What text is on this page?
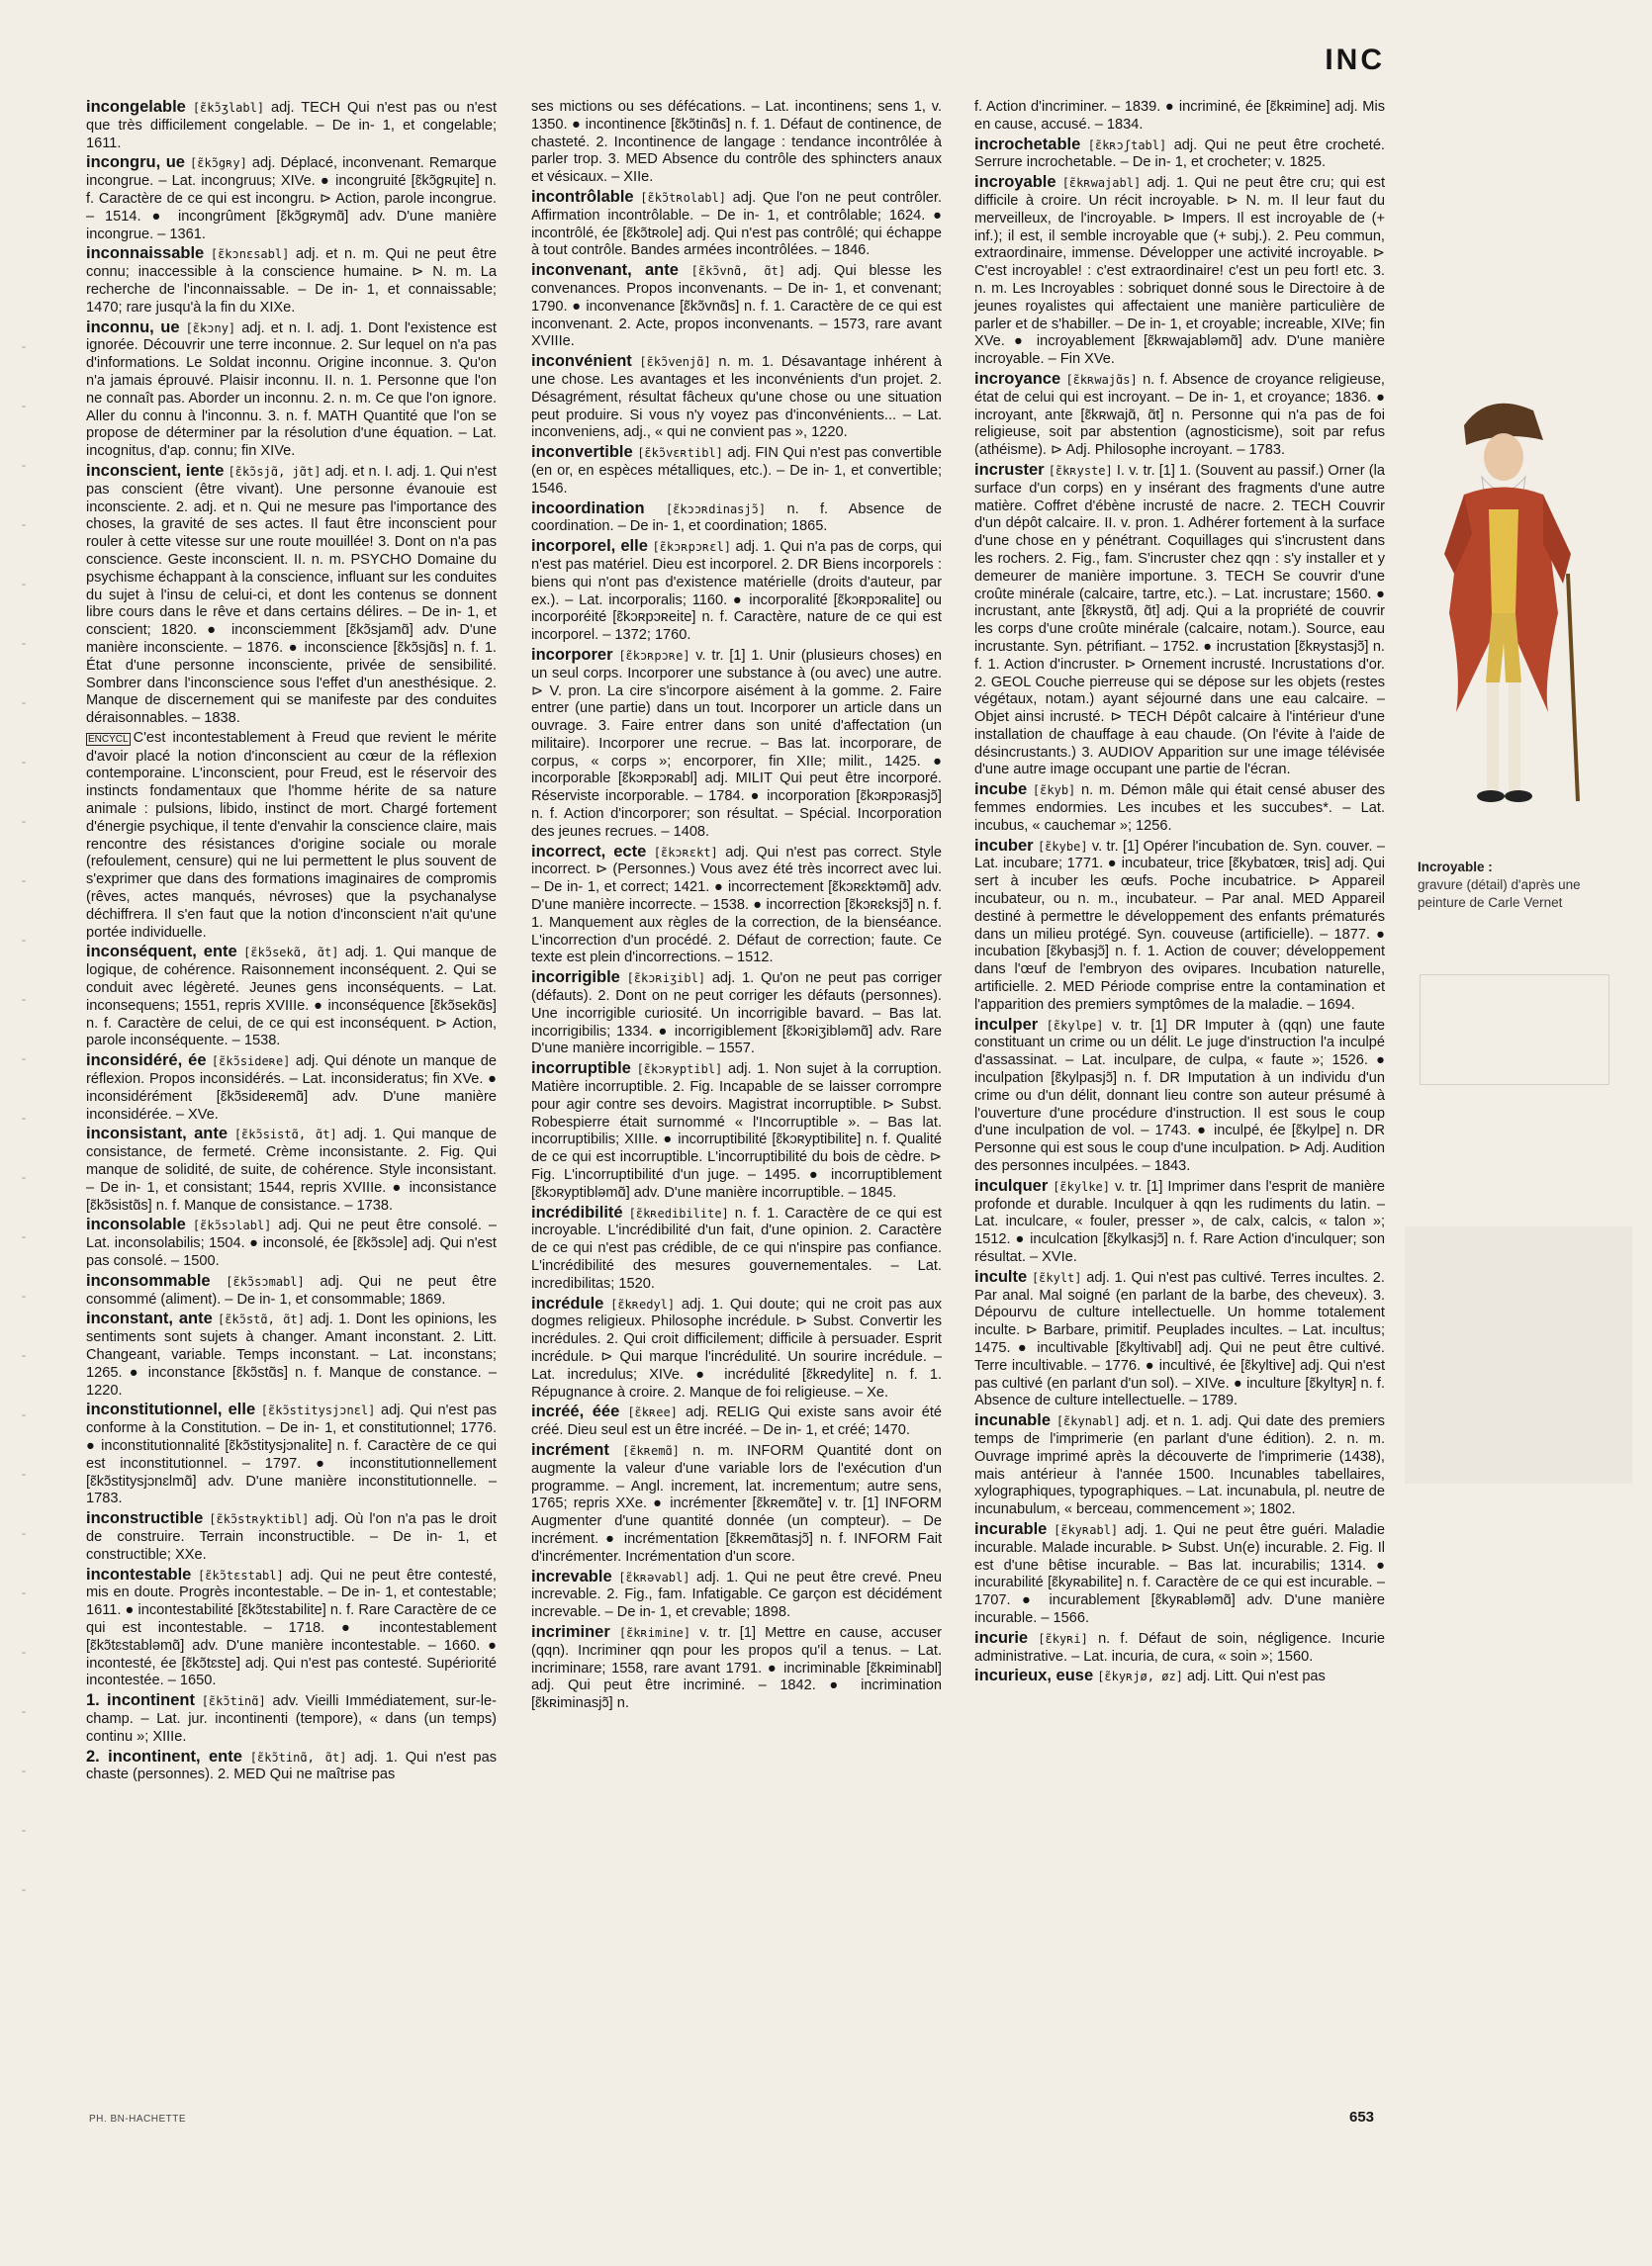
INC
incongelable [ɛ̃kɔ̃ʒlabl] adj. TECH Qui n'est pas ou n'est que très difficilement congelable. – De in- 1, et congelable; 1611.
incongru, ue [ɛ̃kɔ̃gʀy] adj. Déplacé, inconvenant. Remarque incongrue. – Lat. incongruus; XIVe. ● incongruité [ɛ̃kɔ̃gʀɥite] n. f. Caractère de ce qui est incongru. ⊳ Action, parole incongrue. – 1514. ● incongrûment [ɛ̃kɔ̃gʀymɑ̃] adv. D'une manière incongrue. – 1361.
inconnaissable [ɛ̃kɔnɛsabl] adj. et n. m. Qui ne peut être connu; inaccessible à la conscience humaine. ⊳ N. m. La recherche de l'inconnaissable. – De in- 1, et connaissable; 1470; rare jusqu'à la fin du XIXe.
inconnu, ue [ɛ̃kɔny] adj. et n. I. adj. 1. Dont l'existence est ignorée. Découvrir une terre inconnue. 2. Sur lequel on n'a pas d'informations. Le Soldat inconnu. Origine inconnue. 3. Qu'on n'a jamais éprouvé. Plaisir inconnu. II. n. 1. Personne que l'on ne connaît pas. Aborder un inconnu. 2. n. m. Ce que l'on ignore. Aller du connu à l'inconnu. 3. n. f. MATH Quantité que l'on se propose de déterminer par la résolution d'une équation. – Lat. incognitus, d'ap. connu; fin XIVe.
inconscient, iente [ɛ̃kɔ̃sjɑ̃, jɑ̃t] adj. et n. I. adj. 1. Qui n'est pas conscient (être vivant). Une personne évanouie est inconsciente. 2. adj. et n. Qui ne mesure pas l'importance des choses, la gravité de ses actes. Il faut être inconscient pour rouler à cette vitesse sur une route mouillée! 3. Dont on n'a pas conscience. Geste inconscient. II. n. m. PSYCHO Domaine du psychisme échappant à la conscience, influant sur les conduites du sujet à l'insu de celui-ci, et dont les contenus se donnent libre cours dans le rêve et dans certains délires. – De in- 1, et conscient; 1820. ● inconsciemment [ɛ̃kɔ̃sjamɑ̃] adv. D'une manière inconsciente. – 1876. ● inconscience [ɛ̃kɔ̃sjɑ̃s] n. f. 1. État d'une personne inconsciente, privée de sensibilité. Sombrer dans l'inconscience sous l'effet d'un anesthésique. 2. Manque de discernement qui se manifeste par des conduites déraisonnables. – 1838.
ENCYCL C'est incontestablement à Freud que revient le mérite d'avoir placé la notion d'inconscient au cœur de la réflexion contemporaine. L'inconscient, pour Freud, est le réservoir des instincts fondamentaux que l'homme hérite de sa nature animale : pulsions, libido, instinct de mort. Chargé fortement d'énergie psychique, il tente d'envahir la conscience claire, mais rencontre des résistances d'origine sociale ou morale (refoulement, censure) qui ne lui permettent le plus souvent de s'exprimer que dans des formations imaginaires de compromis (rêves, actes manqués, névroses) que la psychanalyse déchiffrera. Il s'en faut que la notion d'inconscient n'ait qu'une portée individuelle.
inconséquent, ente [ɛ̃kɔ̃sekɑ̃, ɑ̃t] adj. 1. Qui manque de logique, de cohérence. Raisonnement inconséquent. 2. Qui se conduit avec légèreté. Jeunes gens inconséquents. – Lat. inconsequens; 1551, repris XVIIIe. ● inconséquence [ɛ̃kɔ̃sekɑ̃s] n. f. Caractère de celui, de ce qui est inconséquent. ⊳ Action, parole inconséquente. – 1538.
inconsidéré, ée [ɛ̃kɔ̃sideʀe] adj. Qui dénote un manque de réflexion. Propos inconsidérés. – Lat. inconsideratus; fin XVe. ● inconsidérément [ɛ̃kɔ̃sideʀemɑ̃] adv. D'une manière inconsidérée. – XVe.
inconsistant, ante [ɛ̃kɔ̃sistɑ̃, ɑ̃t] adj. 1. Qui manque de consistance, de fermeté. Crème inconsistante. 2. Fig. Qui manque de solidité, de suite, de cohérence. Style inconsistant. – De in- 1, et consistant; 1544, repris XVIIIe. ● inconsistance [ɛ̃kɔ̃sistɑ̃s] n. f. Manque de consistance. – 1738.
inconsolable [ɛ̃kɔ̃sɔlabl] adj. Qui ne peut être consolé. – Lat. inconsolabilis; 1504. ● inconsolé, ée [ɛ̃kɔ̃sɔle] adj. Qui n'est pas consolé. – 1500.
inconsommable [ɛ̃kɔ̃sɔmabl] adj. Qui ne peut être consommé (aliment). – De in- 1, et consommable; 1869.
inconstant, ante [ɛ̃kɔ̃stɑ̃, ɑ̃t] adj. 1. Dont les opinions, les sentiments sont sujets à changer. Amant inconstant. 2. Litt. Changeant, variable. Temps inconstant. – Lat. inconstans; 1265. ● inconstance [ɛ̃kɔ̃stɑ̃s] n. f. Manque de constance. – 1220.
inconstitutionnel, elle [ɛ̃kɔ̃stitysjɔnɛl] adj. Qui n'est pas conforme à la Constitution. – De in- 1, et constitutionnel; 1776. ● inconstitutionnalité [ɛ̃kɔ̃stitysjɔnalite] n. f. Caractère de ce qui est inconstitutionnel. – 1797. ● inconstitutionnellement [ɛ̃kɔ̃stitysjɔnɛlmɑ̃] adv. D'une manière inconstitutionnelle. – 1783.
inconstructible [ɛ̃kɔ̃stʀyktibl] adj. Où l'on n'a pas le droit de construire. Terrain inconstructible. – De in- 1, et constructible; XXe.
incontestable [ɛ̃kɔ̃tɛstabl] adj. Qui ne peut être contesté, mis en doute. Progrès incontestable. – De in- 1, et contestable; 1611. ● incontestabilité [ɛ̃kɔ̃tɛstabilite] n. f. Rare Caractère de ce qui est incontestable. – 1718. ● incontestablement [ɛ̃kɔ̃tɛstabləmɑ̃] adv. D'une manière incontestable. – 1660. ● incontesté, ée [ɛ̃kɔ̃tɛste] adj. Qui n'est pas contesté. Supériorité incontestée. – 1650.
1. incontinent [ɛ̃kɔ̃tinɑ̃] adv. Vieilli Immédiatement, sur-le-champ. – Lat. jur. incontinenti (tempore), « dans (un temps) continu »; XIIIe.
2. incontinent, ente [ɛ̃kɔ̃tinɑ̃, ɑ̃t] adj. 1. Qui n'est pas chaste (personnes). 2. MED Qui ne maîtrise pas
ses mictions ou ses défécations. – Lat. incontinens; sens 1, v. 1350. ● incontinence [ɛ̃kɔ̃tinɑ̃s] n. f. 1. Défaut de continence, de chasteté. 2. Incontinence de langage : tendance incontrôlée à parler trop. 3. MED Absence du contrôle des sphincters anaux et vésicaux. – XIIe.
incontrôlable [ɛ̃kɔ̃tʀolabl] adj. Que l'on ne peut contrôler. Affirmation incontrôlable. – De in- 1, et contrôlable; 1624. ● incontrôlé, ée [ɛ̃kɔ̃tʀole] adj. Qui n'est pas contrôlé; qui échappe à tout contrôle. Bandes armées incontrôlées. – 1846.
inconvenant, ante [ɛ̃kɔ̃vnɑ̃, ɑ̃t] adj. Qui blesse les convenances. Propos inconvenants. – De in- 1, et convenant; 1790. ● inconvenance [ɛ̃kɔ̃vnɑ̃s] n. f. 1. Caractère de ce qui est inconvenant. 2. Acte, propos inconvenants. – 1573, rare avant XVIIIe.
inconvénient [ɛ̃kɔ̃venjɑ̃] n. m. 1. Désavantage inhérent à une chose. Les avantages et les inconvénients d'un projet. 2. Désagrément, résultat fâcheux qu'une chose ou une situation peut produire. Si vous n'y voyez pas d'inconvénients... – Lat. inconveniens, adj., « qui ne convient pas », 1220.
inconvertible [ɛ̃kɔ̃vɛʀtibl] adj. FIN Qui n'est pas convertible (en or, en espèces métalliques, etc.). – De in- 1, et convertible; 1546.
incoordination [ɛ̃kɔɔʀdinasjɔ̃] n. f. Absence de coordination. – De in- 1, et coordination; 1865.
incorporel, elle [ɛ̃kɔʀpɔʀɛl] adj. 1. Qui n'a pas de corps, qui n'est pas matériel. Dieu est incorporel. 2. DR Biens incorporels : biens qui n'ont pas d'existence matérielle (droits d'auteur, par ex.). – Lat. incorporalis; 1160. ● incorporalité [ɛ̃kɔʀpɔʀalite] ou incorporéité [ɛ̃kɔʀpɔʀeite] n. f. Caractère, nature de ce qui est incorporel. – 1372; 1760.
incorporer [ɛ̃kɔʀpɔʀe] v. tr. [1] 1. Unir (plusieurs choses) en un seul corps. Incorporer une substance à (ou avec) une autre. ⊳ V. pron. La cire s'incorpore aisément à la gomme. 2. Faire entrer (une partie) dans un tout. Incorporer un article dans un ouvrage. 3. Faire entrer dans son unité d'affectation (un militaire). Incorporer une recrue. – Bas lat. incorporare, de corpus, « corps »; encorporer, fin XIIe; milit., 1425. ● incorporable [ɛ̃kɔʀpɔʀabl] adj. MILIT Qui peut être incorporé. Réserviste incorporable. – 1784. ● incorporation [ɛ̃kɔʀpɔʀasjɔ̃] n. f. Action d'incorporer; son résultat. – Spécial. Incorporation des jeunes recrues. – 1408.
incorrect, ecte [ɛ̃kɔʀɛkt] adj. Qui n'est pas correct. Style incorrect. ⊳ (Personnes.) Vous avez été très incorrect avec lui. – De in- 1, et correct; 1421. ● incorrectement [ɛ̃kɔʀɛktəmɑ̃] adv. D'une manière incorrecte. – 1538. ● incorrection [ɛ̃kɔʀɛksjɔ̃] n. f. 1. Manquement aux règles de la correction, de la bienséance. L'incorrection d'un procédé. 2. Défaut de correction; faute. Ce texte est plein d'incorrections. – 1512.
incorrigible [ɛ̃kɔʀiʒibl] adj. 1. Qu'on ne peut pas corriger (défauts). 2. Dont on ne peut corriger les défauts (personnes). Une incorrigible curiosité. Un incorrigible bavard. – Bas lat. incorrigibilis; 1334. ● incorrigiblement [ɛ̃kɔʀiʒibləmɑ̃] adv. Rare D'une manière incorrigible. – 1557.
incorruptible [ɛ̃kɔʀyptibl] adj. 1. Non sujet à la corruption. Matière incorruptible. 2. Fig. Incapable de se laisser corrompre pour agir contre ses devoirs. Magistrat incorruptible. ⊳ Subst. Robespierre était surnommé « l'Incorruptible ». – Bas lat. incorruptibilis; XIIIe. ● incorruptibilité [ɛ̃kɔʀyptibilite] n. f. Qualité de ce qui est incorruptible. L'incorruptibilité du bois de cèdre. ⊳ Fig. L'incorruptibilité d'un juge. – 1495. ● incorruptiblement [ɛ̃kɔʀyptibləmɑ̃] adv. D'une manière incorruptible. – 1845.
incrédibilité [ɛ̃kʀedibilite] n. f. 1. Caractère de ce qui est incroyable. L'incrédibilité d'un fait, d'une opinion. 2. Caractère de ce qui n'est pas crédible, de ce qui n'inspire pas confiance. L'incrédibilité des mesures gouvernementales. – Lat. incredibilitas; 1520.
incrédule [ɛ̃kʀedyl] adj. 1. Qui doute; qui ne croit pas aux dogmes religieux. Philosophe incrédule. ⊳ Subst. Convertir les incrédules. 2. Qui croit difficilement; difficile à persuader. Esprit incrédule. ⊳ Qui marque l'incrédulité. Un sourire incrédule. – Lat. incredulus; XIVe. ● incrédulité [ɛ̃kʀedylite] n. f. 1. Répugnance à croire. 2. Manque de foi religieuse. – Xe.
incréé, éée [ɛ̃kʀee] adj. RELIG Qui existe sans avoir été créé. Dieu seul est un être incréé. – De in- 1, et créé; 1470.
incrément [ɛ̃kʀemɑ̃] n. m. INFORM Quantité dont on augmente la valeur d'une variable lors de l'exécution d'un programme. – Angl. increment, lat. incrementum; autre sens, 1765; repris XXe. ● incrémenter [ɛ̃kʀemɑ̃te] v. tr. [1] INFORM Augmenter d'une quantité donnée (un compteur). – De incrément. ● incrémentation [ɛ̃kʀemɑ̃tasjɔ̃] n. f. INFORM Fait d'incrémenter. Incrémentation d'un score.
increvable [ɛ̃kʀəvabl] adj. 1. Qui ne peut être crevé. Pneu increvable. 2. Fig., fam. Infatigable. Ce garçon est décidément increvable. – De in- 1, et crevable; 1898.
incriminer [ɛ̃kʀimine] v. tr. [1] Mettre en cause, accuser (qqn). Incriminer qqn pour les propos qu'il a tenus. – Lat. incriminare; 1558, rare avant 1791. ● incriminable [ɛ̃kʀiminabl] adj. Qui peut être incriminé. – 1842. ● incrimination [ɛ̃kʀiminasjɔ̃] n.
f. Action d'incriminer. – 1839. ● incriminé, ée [ɛ̃kʀimine] adj. Mis en cause, accusé. – 1834.
incrochetable [ɛ̃kʀɔʃtabl] adj. Qui ne peut être crocheté. Serrure incrochetable. – De in- 1, et crocheter; v. 1825.
incroyable [ɛ̃kʀwajabl] adj. 1. Qui ne peut être cru; qui est difficile à croire. Un récit incroyable. ⊳ N. m. Il leur faut du merveilleux, de l'incroyable. ⊳ Impers. Il est incroyable de (+ inf.); il est, il semble incroyable que (+ subj.). 2. Peu commun, extraordinaire, immense. Développer une activité incroyable. ⊳ C'est incroyable! : c'est extraordinaire! c'est un peu fort! etc. 3. n. m. Les Incroyables : sobriquet donné sous le Directoire à de jeunes royalistes qui affectaient une manière particulière de parler et de s'habiller. – De in- 1, et croyable; increable, XIVe; fin XVe. ● incroyablement [ɛ̃kʀwajabləmɑ̃] adv. D'une manière incroyable. – Fin XVe.
incroyance [ɛ̃kʀwajɑ̃s] n. f. Absence de croyance religieuse, état de celui qui est incroyant. – De in- 1, et croyance; 1836. ● incroyant, ante [ɛ̃kʀwajɑ̃, ɑ̃t] n. Personne qui n'a pas de foi religieuse, soit par abstention (agnosticisme), soit par refus (athéisme). ⊳ Adj. Philosophe incroyant. – 1783.
incruster [ɛ̃kʀyste] I. v. tr. [1] 1. (Souvent au passif.) Orner (la surface d'un corps) en y insérant des fragments d'une autre matière. Coffret d'ébène incrusté de nacre. 2. TECH Couvrir d'un dépôt calcaire. II. v. pron. 1. Adhérer fortement à la surface d'une chose en y pénétrant. Coquillages qui s'incrustent dans les rochers. 2. Fig., fam. S'incruster chez qqn : s'y installer et y demeurer de manière importune. 3. TECH Se couvrir d'une croûte minérale (calcaire, tartre, etc.). – Lat. incrustare; 1560. ● incrustant, ante [ɛ̃kʀystɑ̃, ɑ̃t] adj. Qui a la propriété de couvrir les corps d'une croûte minérale (calcaire, notam.). Source, eau incrustante. Syn. pétrifiant. – 1752. ● incrustation [ɛ̃kʀystasjɔ̃] n. f. 1. Action d'incruster. ⊳ Ornement incrusté. Incrustations d'or. 2. GEOL Couche pierreuse qui se dépose sur les objets (restes végétaux, notam.) ayant séjourné dans une eau calcaire. – Objet ainsi incrusté. ⊳ TECH Dépôt calcaire à l'intérieur d'une installation de chauffage à eau chaude. (On l'évite à l'aide de désincrustants.) 3. AUDIOV Apparition sur une image télévisée d'une autre image occupant une partie de l'écran.
incube [ɛ̃kyb] n. m. Démon mâle qui était censé abuser des femmes endormies. Les incubes et les succubes*. – Lat. incubus, « cauchemar »; 1256.
incuber [ɛ̃kybe] v. tr. [1] Opérer l'incubation de. Syn. couver. – Lat. incubare; 1771. ● incubateur, trice [ɛ̃kybatœʀ, tʀis] adj. Qui sert à incuber les œufs. Poche incubatrice. ⊳ Appareil incubateur, ou n. m., incubateur. – Par anal. MED Appareil destiné à permettre le développement des enfants prématurés dans un milieu protégé. Syn. couveuse (artificielle). – 1877. ● incubation [ɛ̃kybasjɔ̃] n. f. 1. Action de couver; développement dans l'œuf de l'embryon des ovipares. Incubation naturelle, artificielle. 2. MED Période comprise entre la contamination et l'apparition des premiers symptômes de la maladie. – 1694.
inculper [ɛ̃kylpe] v. tr. [1] DR Imputer à (qqn) une faute constituant un crime ou un délit. Le juge d'instruction l'a inculpé d'assassinat. – Lat. inculpare, de culpa, « faute »; 1526. ● inculpation [ɛ̃kylpasjɔ̃] n. f. DR Imputation à un individu d'un crime ou d'un délit, donnant lieu contre son auteur présumé à l'ouverture d'une procédure d'instruction. Il est sous le coup d'une inculpation de vol. – 1743. ● inculpé, ée [ɛ̃kylpe] n. DR Personne qui est sous le coup d'une inculpation. ⊳ Adj. Audition des personnes inculpées. – 1843.
inculquer [ɛ̃kylke] v. tr. [1] Imprimer dans l'esprit de manière profonde et durable. Inculquer à qqn les rudiments du latin. – Lat. inculcare, « fouler, presser », de calx, calcis, « talon »; 1512. ● inculcation [ɛ̃kylkasjɔ̃] n. f. Rare Action d'inculquer; son résultat. – XVIe.
inculte [ɛ̃kylt] adj. 1. Qui n'est pas cultivé. Terres incultes. 2. Par anal. Mal soigné (en parlant de la barbe, des cheveux). 3. Dépourvu de culture intellectuelle. Un homme totalement inculte. ⊳ Barbare, primitif. Peuplades incultes. – Lat. incultus; 1475. ● incultivable [ɛ̃kyltivabl] adj. Qui ne peut être cultivé. Terre incultivable. – 1776. ● incultivé, ée [ɛ̃kyltive] adj. Qui n'est pas cultivé (en parlant d'un sol). – XIVe. ● inculture [ɛ̃kyltyʀ] n. f. Absence de culture intellectuelle. – 1789.
incunable [ɛ̃kynabl] adj. et n. 1. adj. Qui date des premiers temps de l'imprimerie (en parlant d'une édition). 2. n. m. Ouvrage imprimé après la découverte de l'imprimerie (1438), mais antérieur à l'année 1500. Incunables tabellaires, xylographiques, typographiques. – Lat. incunabula, pl. neutre de incunabulum, « berceau, commencement »; 1802.
incurable [ɛ̃kyʀabl] adj. 1. Qui ne peut être guéri. Maladie incurable. Malade incurable. ⊳ Subst. Un(e) incurable. 2. Fig. Il est d'une bêtise incurable. – Bas lat. incurabilis; 1314. ● incurabilité [ɛ̃kyʀabilite] n. f. Caractère de ce qui est incurable. – 1707. ● incurablement [ɛ̃kyʀabləmɑ̃] adv. D'une manière incurable. – 1566.
incurie [ɛ̃kyʀi] n. f. Défaut de soin, négligence. Incurie administrative. – Lat. incuria, de cura, « soin »; 1560.
incurieux, euse [ɛ̃kyʀjø, øz] adj. Litt. Qui n'est pas
Incroyable :
gravure (détail) d'après une peinture de Carle Vernet
PH. BN-HACHETTE	653
